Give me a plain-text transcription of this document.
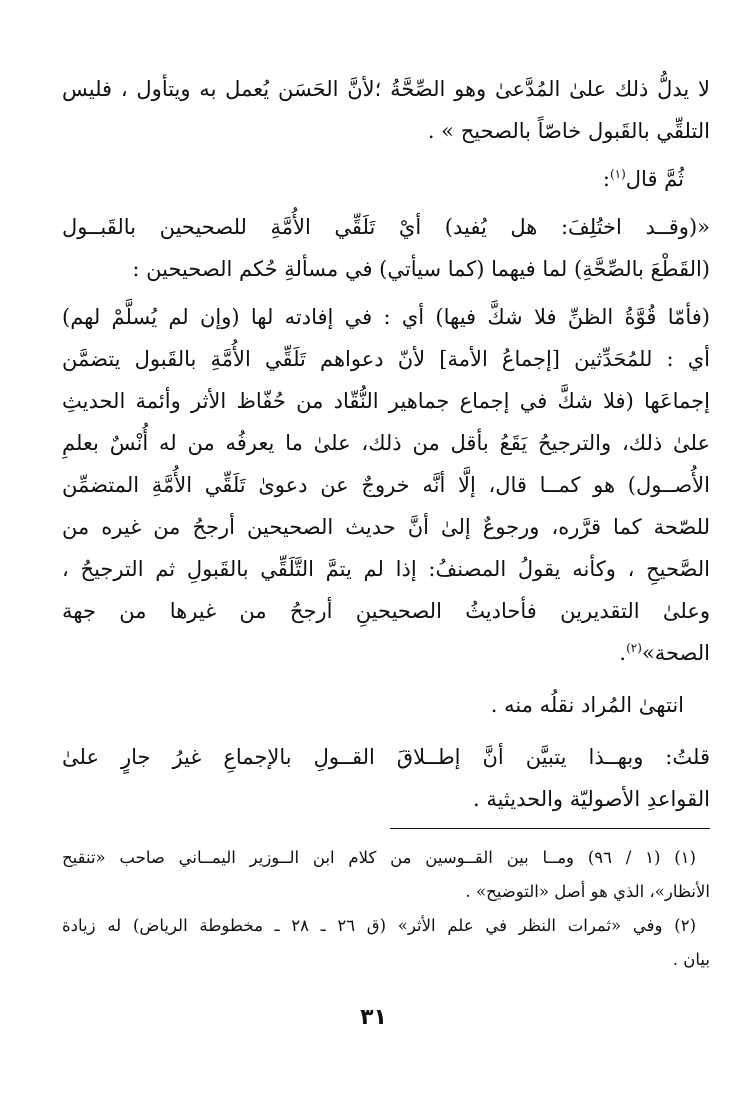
لا يدلُّ ذلك علىٰ المُدَّعىٰ وهو الصِّحَّةُ ؛لأنَّ الحَسَن يُعمل به ويتأول ، فليس

التلقِّي بالقَبول خاصّاً بالصحيح » .

ثُمَّ قال$^{(١)}$:

«(وقــد اختُلِفَ: هل يُفيد) أيْ تَلَقِّي الأُمَّةِ للصحيحين بالقَبــول

(القَطْعَ بالصِّحَّةِ) لما فيهما (كما سيأتي) في مسألةِ حُكم الصحيحين :

(فأمّا قُوَّةُ الظنِّ فلا شكَّ فيها) أي : في إفادته لها (وإن لم يُسلَّمْ لهم)

أي : للمُحَدِّثين [إجماعُ الأمة] لأنّ دعواهم تَلَقِّي الأُمَّةِ بالقَبول يتضمَّن

إجماعَها (فلا شكَّ في إجماع جماهير النُّقّاد من حُفّاظ الأثر وأئمة الحديثِ

علىٰ ذلك، والترجيحُ يَقَعُ بأقل من ذلك، علىٰ ما يعرفُه من له أُنْسٌ بعلمِ

الأُصــول) هو كمــا قال، إلَّا أنَّه خروجٌ عن دعوىٰ تَلَقِّي الأُمَّةِ المتضمِّن

للصّحة كما قرَّره، ورجوعٌ إلىٰ أنَّ حديث الصحيحين أرجحُ من غيره من

الصَّحيحِ ، وكأنه يقولُ المصنفُ: إذا لم يتمَّ التَّلَقِّي بالقَبولِ ثم الترجيحُ ،

وعلىٰ التقديرين فأحاديثُ الصحيحينِ أرجحُ من غيرها من جهة

الصحة»$^{(٢)}$.

انتهىٰ المُراد نقلُه منه .

قلتُ: وبهــذا يتبيَّن أنَّ إطــلاقَ القــولِ بالإجماعِ غيرُ جارٍ علىٰ

القواعدِ الأصوليّة والحديثية .

(١) (١ / ٩٦) ومــا بين القــوسين من كلام ابن الــوزير اليمــاني صاحب «تنقيح

الأنظار»، الذي هو أصل «التوضيح» .

(٢) وفي «ثمرات النظر في علم الأثر» (ق ٢٦ ـ ٢٨ ـ مخطوطة الرياض) له زيادة

بيان .

٣١
